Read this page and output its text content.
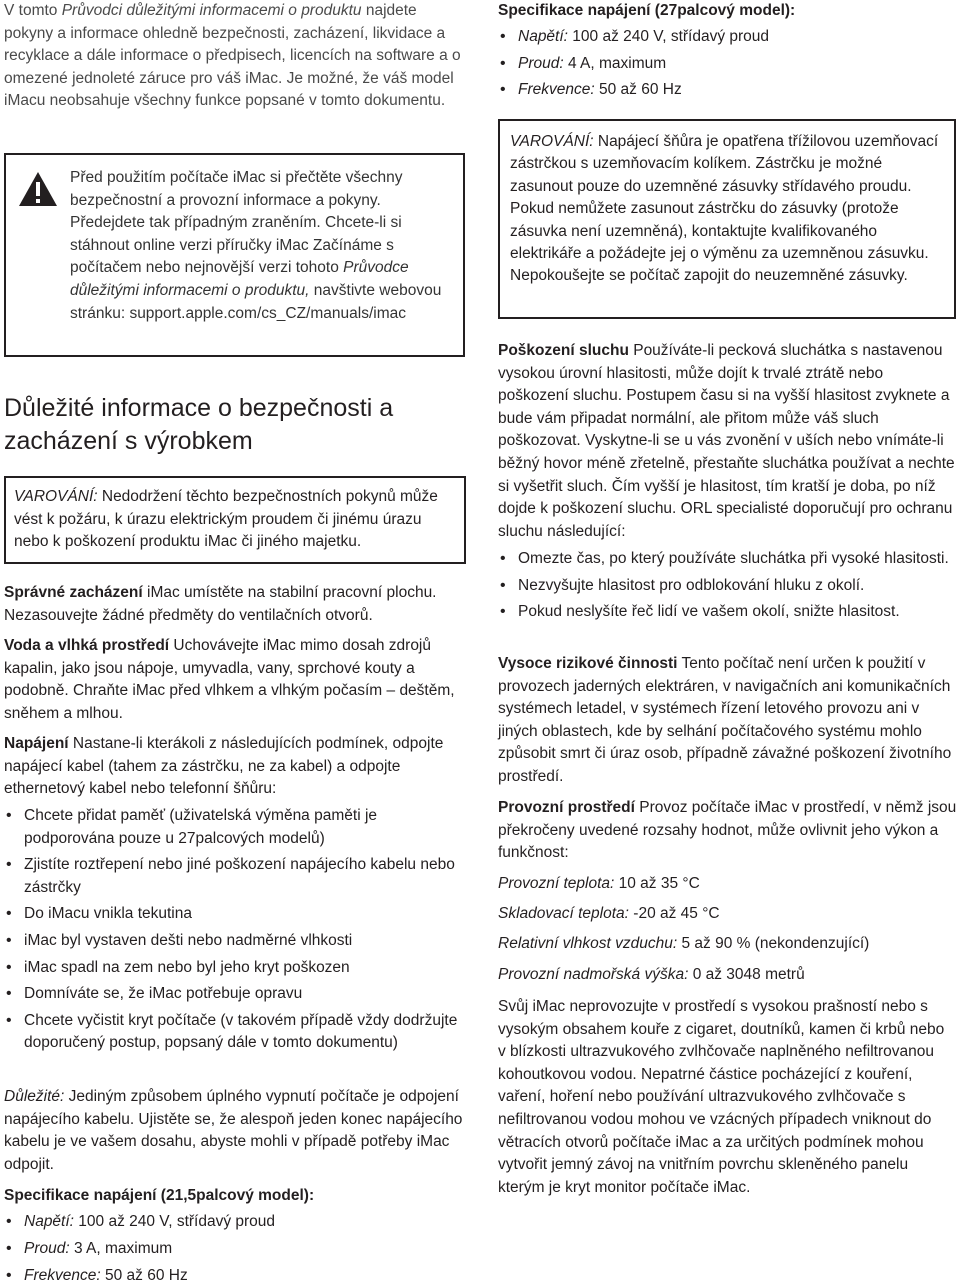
V tomto Průvodci důležitými informacemi o produktu najdete pokyny a informace ohledně bezpečnosti, zacházení, likvidace a recyklace a dále informace o předpisech, licencích na software a o omezené jednoleté záruce pro váš iMac. Je možné, že váš model iMacu neobsahuje všechny funkce popsané v tomto dokumentu.

Před použitím počítače iMac si přečtěte všechny bezpečnostní a provozní informace a pokyny. Předejdete tak případným zraněním. Chcete-li si stáhnout online verzi příručky iMac Začínáme s počítačem nebo nejnovější verzi tohoto Průvodce důležitými informacemi o produktu, navštivte webovou stránku: support.apple.com/cs_CZ/manuals/imac

Důležité informace o bezpečnosti a zacházení s výrobkem

VAROVÁNÍ: Nedodržení těchto bezpečnostních pokynů může vést k požáru, k úrazu elektrickým proudem či jinému úrazu nebo k poškození produktu iMac či jiného majetku.

Správné zacházení iMac umístěte na stabilní pracovní plochu. Nezasouvejte žádné předměty do ventilačních otvorů.

Voda a vlhká prostředí Uchovávejte iMac mimo dosah zdrojů kapalin, jako jsou nápoje, umyvadla, vany, sprchové kouty a podobně. Chraňte iMac před vlhkem a vlhkým počasím – deštěm, sněhem a mlhou.

Napájení Nastane-li kterákoli z následujících podmínek, odpojte napájecí kabel (tahem za zástrčku, ne za kabel) a odpojte ethernetový kabel nebo telefonní šňůru:

• Chcete přidat paměť (uživatelská výměna paměti je podporována pouze u 27palcových modelů)
• Zjistíte roztřepení nebo jiné poškození napájecího kabelu nebo zástrčky
• Do iMacu vnikla tekutina
• iMac byl vystaven dešti nebo nadměrné vlhkosti
• iMac spadl na zem nebo byl jeho kryt poškozen
• Domníváte se, že iMac potřebuje opravu
• Chcete vyčistit kryt počítače (v takovém případě vždy dodržujte doporučený postup, popsaný dále v tomto dokumentu)

Důležité: Jediným způsobem úplného vypnutí počítače je odpojení napájecího kabelu. Ujistěte se, že alespoň jeden konec napájecího kabelu je ve vašem dosahu, abyste mohli v případě potřeby iMac odpojit.

Specifikace napájení (21,5palcový model):

• Napětí: 100 až 240 V, střídavý proud
• Proud: 3 A, maximum
• Frekvence: 50 až 60 Hz

Specifikace napájení (27palcový model):

• Napětí: 100 až 240 V, střídavý proud
• Proud: 4 A, maximum
• Frekvence: 50 až 60 Hz

VAROVÁNÍ: Napájecí šňůra je opatřena třížilovou uzemňovací zástrčkou s uzemňovacím kolíkem. Zástrčku je možné zasunout pouze do uzemněné zásuvky střídavého proudu. Pokud nemůžete zasunout zástrčku do zásuvky (protože zásuvka není uzemněná), kontaktujte kvalifikovaného elektrikáře a požádejte jej o výměnu za uzemněnou zásuvku. Nepokoušejte se počítač zapojit do neuzemněné zásuvky.

Poškození sluchu Používáte-li pecková sluchátka s nastavenou vysokou úrovní hlasitosti, může dojít k trvalé ztrátě nebo poškození sluchu. Postupem času si na vyšší hlasitost zvyknete a bude vám připadat normální, ale přitom může váš sluch poškozovat. Vyskytne-li se u vás zvonění v uších nebo vnímáte-li běžný hovor méně zřetelně, přestaňte sluchátka používat a nechte si vyšetřit sluch. Čím vyšší je hlasitost, tím kratší je doba, po níž dojde k poškození sluchu. ORL specialisté doporučují pro ochranu sluchu následující:

• Omezte čas, po který používáte sluchátka při vysoké hlasitosti.
• Nezvyšujte hlasitost pro odblokování hluku z okolí.
• Pokud neslyšíte řeč lidí ve vašem okolí, snižte hlasitost.

Vysoce rizikové činnosti Tento počítač není určen k použití v provozech jaderných elektráren, v navigačních ani komunikačních systémech letadel, v systémech řízení letového provozu ani v jiných oblastech, kde by selhání počítačového systému mohlo způsobit smrt či úraz osob, případně závažné poškození životního prostředí.

Provozní prostředí Provoz počítače iMac v prostředí, v němž jsou překročeny uvedené rozsahy hodnot, může ovlivnit jeho výkon a funkčnost:

Provozní teplota: 10 až 35 °C

Skladovací teplota: -20 až 45 °C

Relativní vlhkost vzduchu: 5 až 90 % (nekondenzující)

Provozní nadmořská výška: 0 až 3048 metrů

Svůj iMac neprovozujte v prostředí s vysokou prašností nebo s vysokým obsahem kouře z cigaret, doutníků, kamen či krbů nebo v blízkosti ultrazvukového zvlhčovače naplněného nefiltrovanou kohoutkovou vodou. Nepatrné částice pocházející z kouření, vaření, hoření nebo používání ultrazvukového zvlhčovače s nefiltrovanou vodou mohou ve vzácných případech vniknout do větracích otvorů počítače iMac a za určitých podmínek mohou vytvořit jemný závoj na vnitřním povrchu skleněného panelu kterým je kryt monitor počítače iMac.
